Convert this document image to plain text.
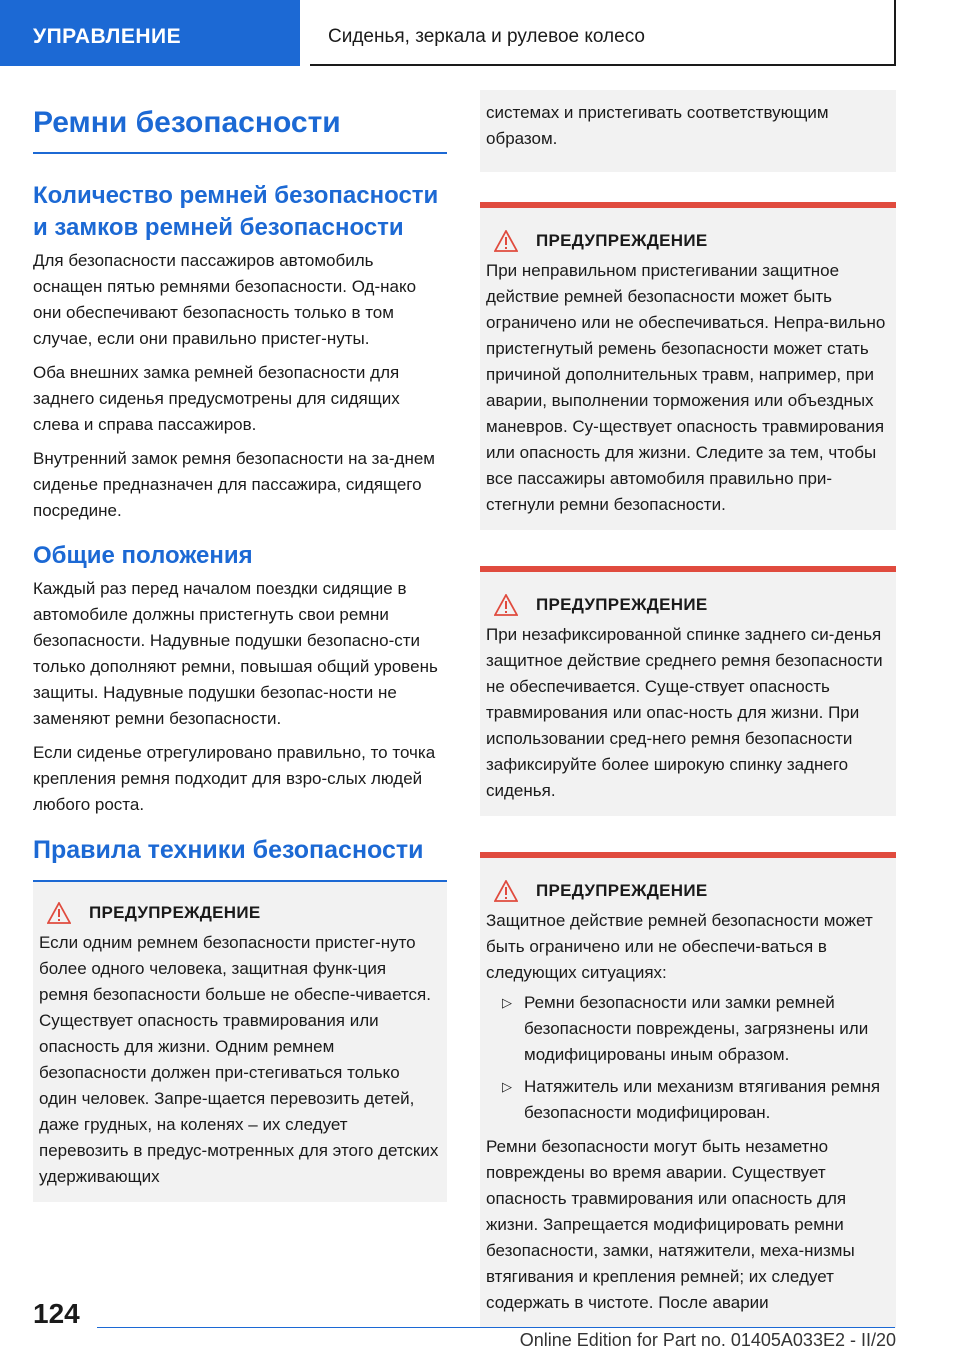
УПРАВЛЕНИЕ	Сиденья, зеркала и рулевое колесо
Ремни безопасности
Количество ремней безопасности и замков ремней безопасности

Для безопасности пассажиров автомобиль оснащен пятью ремнями безопасности. Од-нако они обеспечивают безопасность только в том случае, если они правильно пристег-нуты.

Оба внешних замка ремней безопасности для заднего сиденья предусмотрены для сидящих слева и справа пассажиров.

Внутренний замок ремня безопасности на за-днем сиденье предназначен для пассажира, сидящего посредине.

Общие положения

Каждый раз перед началом поездки сидящие в автомобиле должны пристегнуть свои ремни безопасности. Надувные подушки безопасно-сти только дополняют ремни, повышая общий уровень защиты. Надувные подушки безопас-ности не заменяют ремни безопасности.

Если сиденье отрегулировано правильно, то точка крепления ремня подходит для взро-слых людей любого роста.

Правила техники безопасности
ПРЕДУПРЕЖДЕНИЕ

Если одним ремнем безопасности пристег-нуто более одного человека, защитная функ-ция ремня безопасности больше не обеспе-чивается. Существует опасность травмирования или опасность для жизни. Одним ремнем безопасности должен при-стегиваться только один человек. Запре-щается перевозить детей, даже грудных, на коленях – их следует перевозить в предус-мотренных для этого детских удерживающих

системах и пристегивать соответствующим образом.

ПРЕДУПРЕЖДЕНИЕ

При неправильном пристегивании защитное действие ремней безопасности может быть ограничено или не обеспечиваться. Непра-вильно пристегнутый ремень безопасности может стать причиной дополнительных травм, например, при аварии, выполнении торможения или объездных маневров. Су-ществует опасность травмирования или опасность для жизни. Следите за тем, чтобы все пассажиры автомобиля правильно при-стегнули ремни безопасности.

ПРЕДУПРЕЖДЕНИЕ

При незафиксированной спинке заднего си-денья защитное действие среднего ремня безопасности не обеспечивается. Суще-ствует опасность травмирования или опас-ность для жизни. При использовании сред-него ремня безопасности зафиксируйте более широкую спинку заднего сиденья.

ПРЕДУПРЕЖДЕНИЕ

Защитное действие ремней безопасности может быть ограничено или не обеспечи-ваться в следующих ситуациях:

▷ Ремни безопасности или замки ремней безопасности повреждены, загрязнены или модифицированы иным образом.
▷ Натяжитель или механизм втягивания ремня безопасности модифицирован.

Ремни безопасности могут быть незаметно повреждены во время аварии. Существует опасность травмирования или опасность для жизни. Запрещается модифицировать ремни безопасности, замки, натяжители, меха-низмы втягивания и крепления ремней; их следует содержать в чистоте. После аварии

124
Online Edition for Part no. 01405A033E2 - II/20
